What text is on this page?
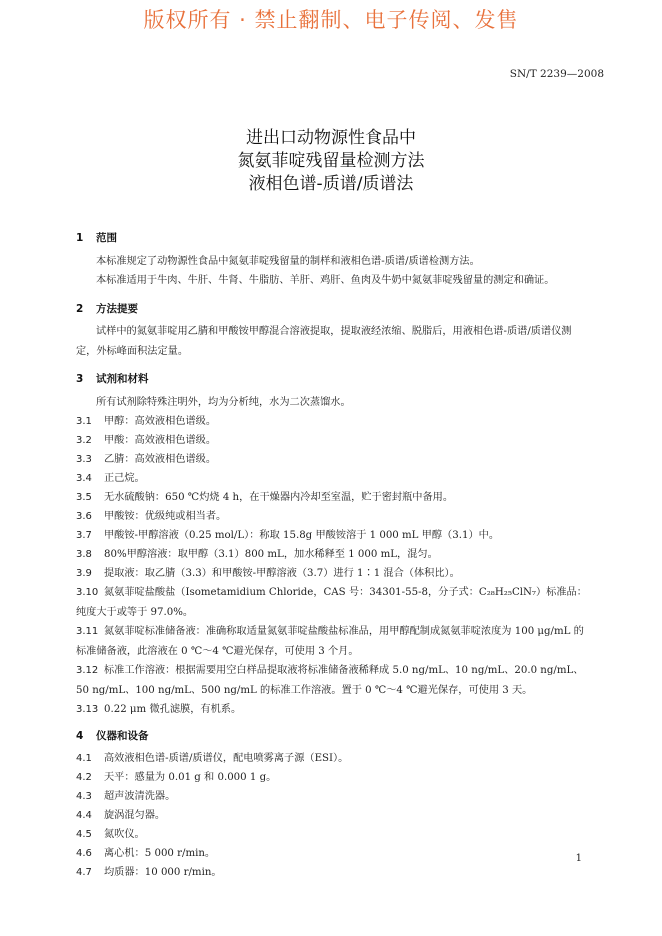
版权所有 · 禁止翻制、电子传阅、发售
SN/T 2239—2008
进出口动物源性食品中
氮氨菲啶残留量检测方法
液相色谱-质谱/质谱法
1 范围
本标准规定了动物源性食品中氮氨菲啶残留量的制样和液相色谱-质谱/质谱检测方法。
本标准适用于牛肉、牛肝、牛肾、牛脂肪、羊肝、鸡肝、鱼肉及牛奶中氮氨菲啶残留量的测定和确证。
2 方法提要
试样中的氮氨菲啶用乙腈和甲酸铵甲醇混合溶液提取，提取液经浓缩、脱脂后，用液相色谱-质谱/质谱仪测定，外标峰面积法定量。
3 试剂和材料
所有试剂除特殊注明外，均为分析纯，水为二次蒸馏水。
3.1 甲醇：高效液相色谱级。
3.2 甲酸：高效液相色谱级。
3.3 乙腈：高效液相色谱级。
3.4 正己烷。
3.5 无水硫酸钠：650 ℃灼烧 4 h，在干燥器内冷却至室温，贮于密封瓶中备用。
3.6 甲酸铵：优级纯或相当者。
3.7 甲酸铵-甲醇溶液（0.25 mol/L）：称取 15.8g 甲酸铵溶于 1 000 mL 甲醇（3.1）中。
3.8 80%甲醇溶液：取甲醇（3.1）800 mL，加水稀释至 1 000 mL，混匀。
3.9 提取液：取乙腈（3.3）和甲酸铵-甲醇溶液（3.7）进行 1∶1 混合（体积比）。
3.10 氮氨菲啶盐酸盐（Isometamidium Chloride，CAS 号：34301-55-8，分子式：C₂₈H₂₅ClN₇）标准品：纯度大于或等于 97.0%。
3.11 氮氨菲啶标准储备液：准确称取适量氮氨菲啶盐酸盐标准品，用甲醇配制成氮氨菲啶浓度为 100 μg/mL 的标准储备液，此溶液在 0 ℃～4 ℃避光保存，可使用 3 个月。
3.12 标准工作溶液：根据需要用空白样品提取液将标准储备液稀释成 5.0 ng/mL、10 ng/mL、20.0 ng/mL、50 ng/mL、100 ng/mL、500 ng/mL 的标准工作溶液。置于 0 ℃～4 ℃避光保存，可使用 3 天。
3.13 0.22 μm 微孔滤膜，有机系。
4 仪器和设备
4.1 高效液相色谱-质谱/质谱仪，配电喷雾离子源（ESI）。
4.2 天平：感量为 0.01 g 和 0.000 1 g。
4.3 超声波清洗器。
4.4 旋涡混匀器。
4.5 氮吹仪。
4.6 离心机：5 000 r/min。
4.7 均质器：10 000 r/min。
1
